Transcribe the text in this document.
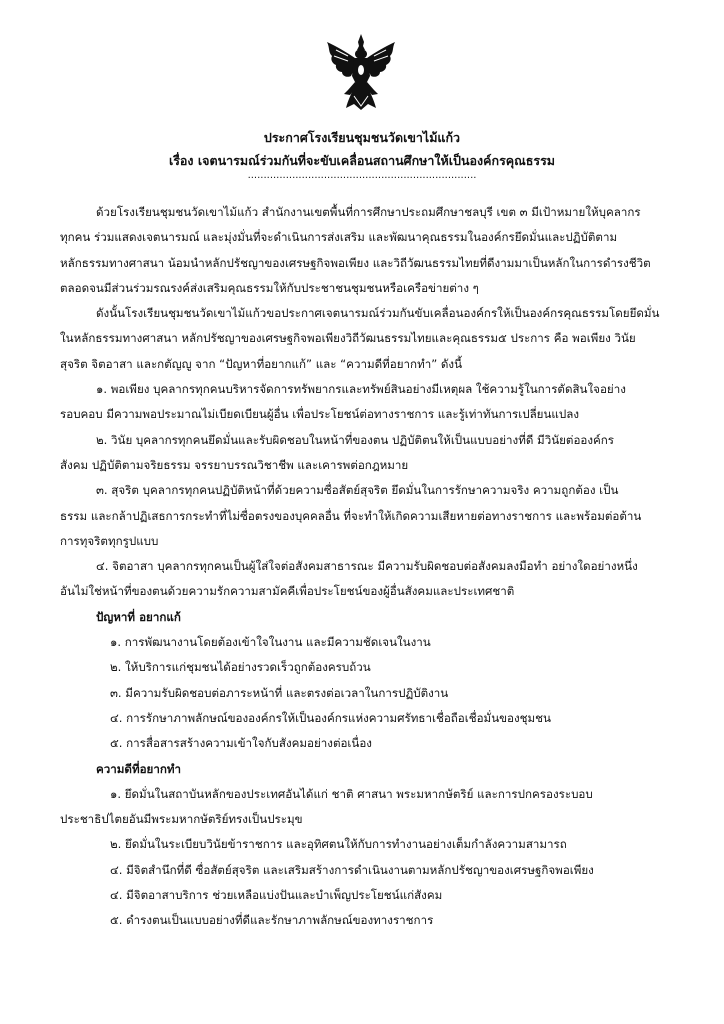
ประกาศโรงเรียนชุมชนวัดเขาไม้แก้ว
เรื่อง เจตนารมณ์ร่วมกันที่จะขับเคลื่อนสถานศึกษาให้เป็นองค์กรคุณธรรม
........................................................................
ด้วยโรงเรียนชุมชนวัดเขาไม้แก้ว สำนักงานเขตพื้นที่การศึกษาประถมศึกษาชลบุรี เขต ๓ มีเป้าหมายให้บุคลากร
ทุกคน ร่วมแสดงเจตนารมณ์ และมุ่งมั่นที่จะดำเนินการส่งเสริม และพัฒนาคุณธรรมในองค์กรยึดมั่นและปฏิบัติตาม
หลักธรรมทางศาสนา น้อมนำหลักปรัชญาของเศรษฐกิจพอเพียง และวิถีวัฒนธรรมไทยที่ดีงามมาเป็นหลักในการดำรงชีวิต
ตลอดจนมีส่วนร่วมรณรงค์ส่งเสริมคุณธรรมให้กับประชาชนชุมชนหรือเครือข่ายต่าง ๆ
ดังนั้นโรงเรียนชุมชนวัดเขาไม้แก้วขอประกาศเจตนารมณ์ร่วมกันขับเคลื่อนองค์กรให้เป็นองค์กรคุณธรรมโดยยึดมั่น
ในหลักธรรมทางศาสนา หลักปรัชญาของเศรษฐกิจพอเพียงวิถีวัฒนธรรมไทยและคุณธรรม๕ ประการ คือ พอเพียง วินัย
สุจริต จิตอาสา และกตัญญู จาก “ปัญหาที่อยากแก้” และ “ความดีที่อยากทำ” ดังนี้
๑. พอเพียง บุคลากรทุกคนบริหารจัดการทรัพยากรและทรัพย์สินอย่างมีเหตุผล ใช้ความรู้ในการตัดสินใจอย่าง
รอบคอบ มีความพอประมาณไม่เบียดเบียนผู้อื่น เพื่อประโยชน์ต่อทางราชการ และรู้เท่าทันการเปลี่ยนแปลง
๒. วินัย บุคลากรทุกคนยึดมั่นและรับผิดชอบในหน้าที่ของตน ปฏิบัติตนให้เป็นแบบอย่างที่ดี มีวินัยต่อองค์กร
สังคม ปฏิบัติตามจริยธรรม จรรยาบรรณวิชาชีพ และเคารพต่อกฎหมาย
๓. สุจริต บุคลากรทุกคนปฏิบัติหน้าที่ด้วยความซื่อสัตย์สุจริต ยึดมั่นในการรักษาความจริง ความถูกต้อง เป็น
ธรรม และกล้าปฏิเสธการกระทำที่ไม่ซื่อตรงของบุคคลอื่น ที่จะทำให้เกิดความเสียหายต่อทางราชการ และพร้อมต่อต้าน
การทุจริตทุกรูปแบบ
๔. จิตอาสา บุคลากรทุกคนเป็นผู้ใส่ใจต่อสังคมสาธารณะ มีความรับผิดชอบต่อสังคมลงมือทำ อย่างใดอย่างหนึ่ง
อันไม่ใช่หน้าที่ของตนด้วยความรักความสามัคคีเพื่อประโยชน์ของผู้อื่นสังคมและประเทศชาติ
ปัญหาที่ อยากแก้
๑. การพัฒนางานโดยต้องเข้าใจในงาน และมีความชัดเจนในงาน
๒. ให้บริการแก่ชุมชนได้อย่างรวดเร็วถูกต้องครบถ้วน
๓. มีความรับผิดชอบต่อภาระหน้าที่ และตรงต่อเวลาในการปฏิบัติงาน
๔. การรักษาภาพลักษณ์ขององค์กรให้เป็นองค์กรแห่งความศรัทธาเชื่อถือเชื่อมั่นของชุมชน
๕. การสื่อสารสร้างความเข้าใจกับสังคมอย่างต่อเนื่อง
ความดีที่อยากทำ
๑. ยึดมั่นในสถาบันหลักของประเทศอันได้แก่ ชาติ ศาสนา พระมหากษัตริย์ และการปกครองระบอบ
ประชาธิปไตยอันมีพระมหากษัตริย์ทรงเป็นประมุข
๒. ยึดมั่นในระเบียบวินัยข้าราชการ และอุทิศตนให้กับการทำงานอย่างเต็มกำลังความสามารถ
๔. มีจิตสำนึกที่ดี ซื่อสัตย์สุจริต และเสริมสร้างการดำเนินงานตามหลักปรัชญาของเศรษฐกิจพอเพียง
๔. มีจิตอาสาบริการ ช่วยเหลือแบ่งปันและบำเพ็ญประโยชน์แก่สังคม
๕. ดำรงตนเป็นแบบอย่างที่ดีและรักษาภาพลักษณ์ของทางราชการ
